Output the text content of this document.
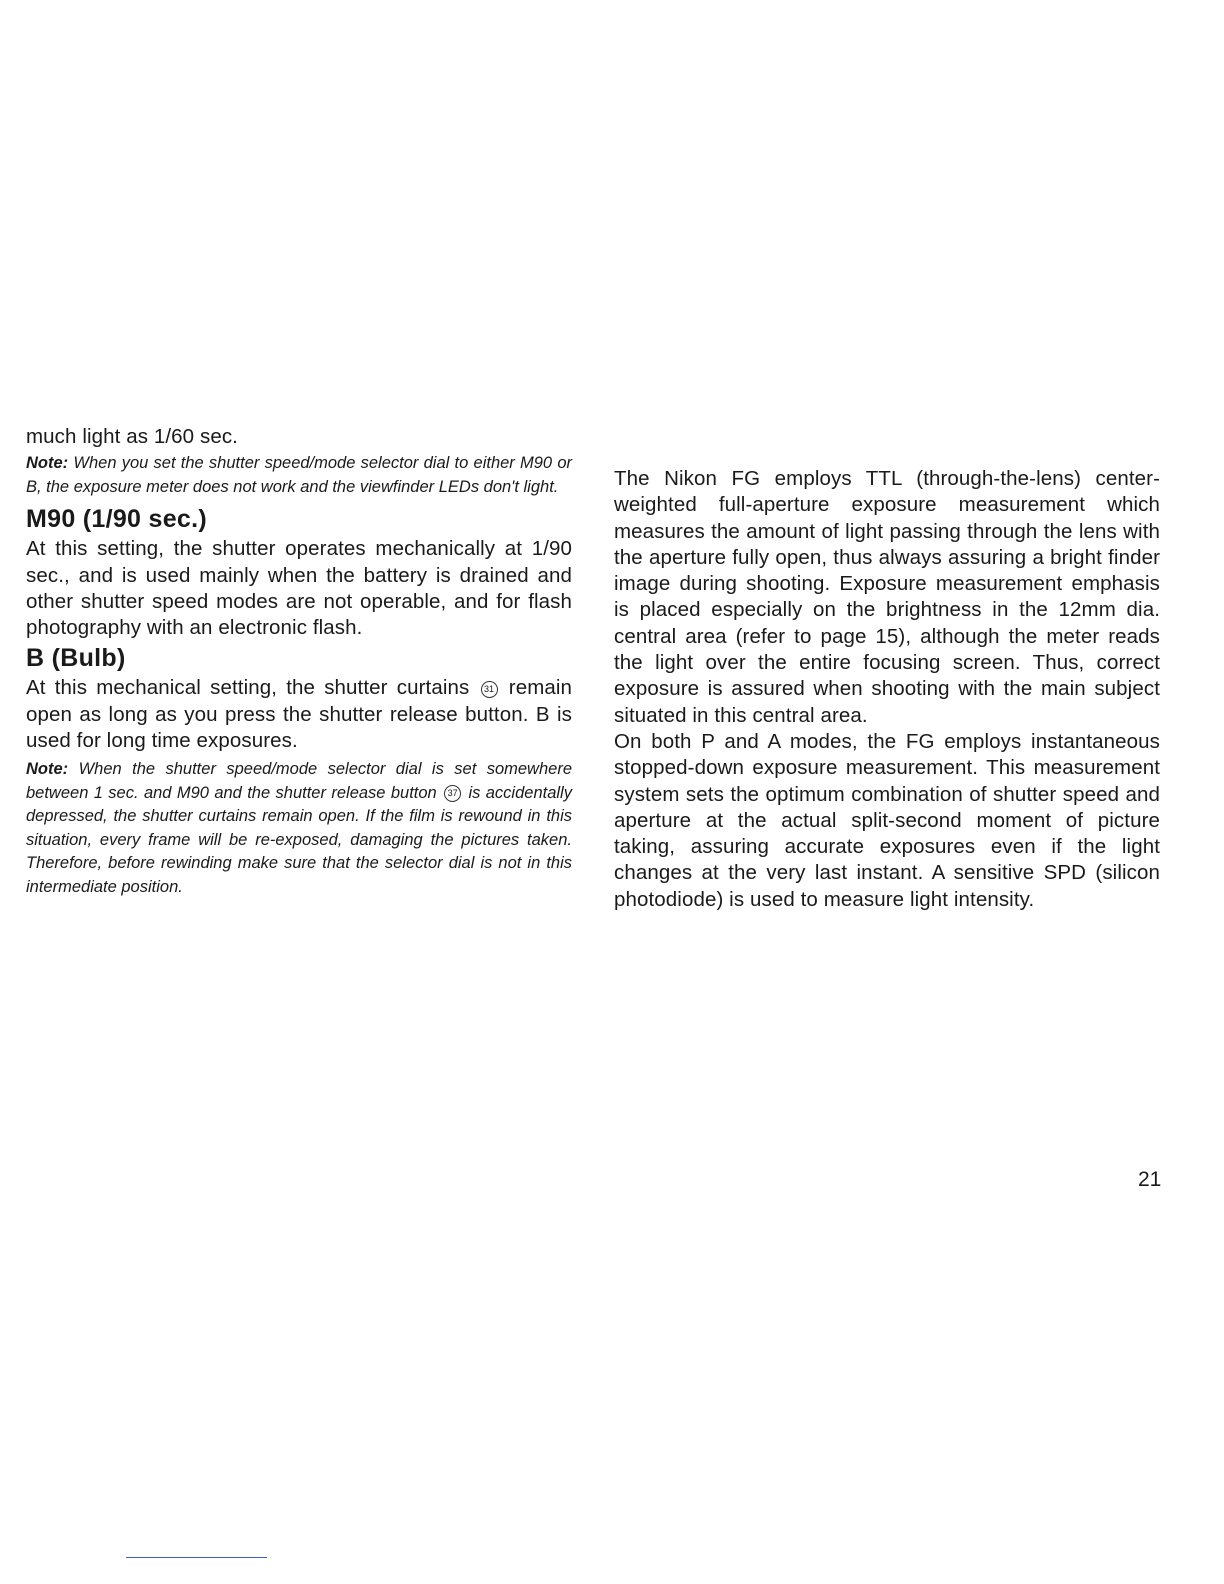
much light as 1/60 sec.

Note: When you set the shutter speed/mode selector dial to either M90 or B, the exposure meter does not work and the viewfinder LEDs don't light.

M90 (1/90 sec.)

At this setting, the shutter operates mechanically at 1/90 sec., and is used mainly when the battery is drained and other shutter speed modes are not operable, and for flash photography with an electronic flash.

B (Bulb)

At this mechanical setting, the shutter curtains 31 remain open as long as you press the shutter release button. B is used for long time exposures.

Note: When the shutter speed/mode selector dial is set somewhere between 1 sec. and M90 and the shutter release button 37 is accidentally depressed, the shutter curtains remain open. If the film is rewound in this situation, every frame will be re-exposed, damaging the pictures taken. Therefore, before rewinding make sure that the selector dial is not in this intermediate position.

The Nikon FG employs TTL (through-the-lens) center-weighted full-aperture exposure measurement which measures the amount of light passing through the lens with the aperture fully open, thus always assuring a bright finder image during shooting. Exposure measurement emphasis is placed especially on the brightness in the 12mm dia. central area (refer to page 15), although the meter reads the light over the entire focusing screen. Thus, correct exposure is assured when shooting with the main subject situated in this central area.

On both P and A modes, the FG employs instantaneous stopped-down exposure measurement. This measurement system sets the optimum combination of shutter speed and aperture at the actual split-second moment of picture taking, assuring accurate exposures even if the light changes at the very last instant. A sensitive SPD (silicon photodiode) is used to measure light intensity.

21
